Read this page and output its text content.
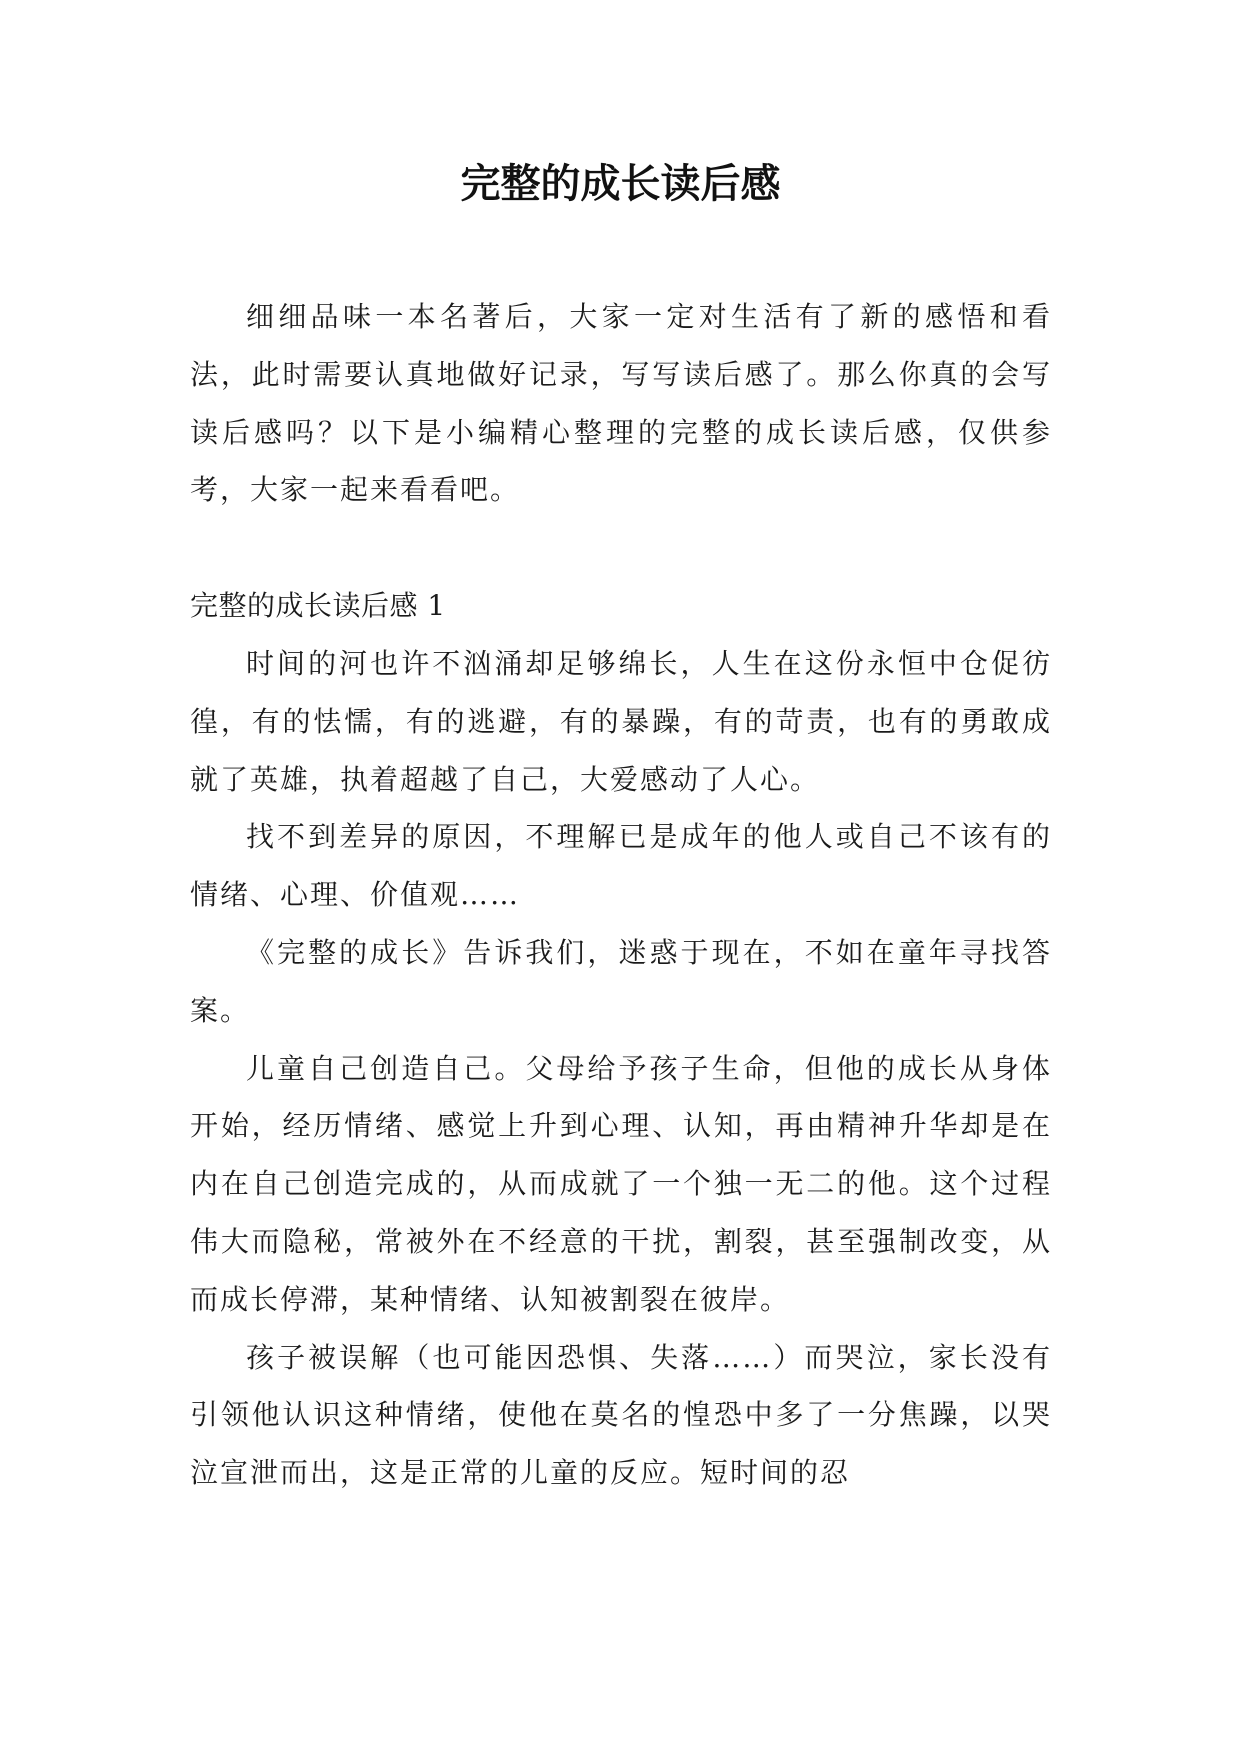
完整的成长读后感

细细品味一本名著后，大家一定对生活有了新的感悟和看法，此时需要认真地做好记录，写写读后感了。那么你真的会写读后感吗？以下是小编精心整理的完整的成长读后感，仅供参考，大家一起来看看吧。

完整的成长读后感 1

时间的河也许不汹涌却足够绵长，人生在这份永恒中仓促彷徨，有的怯懦，有的逃避，有的暴躁，有的苛责，也有的勇敢成就了英雄，执着超越了自己，大爱感动了人心。

找不到差异的原因，不理解已是成年的他人或自己不该有的情绪、心理、价值观……

《完整的成长》告诉我们，迷惑于现在，不如在童年寻找答案。

儿童自己创造自己。父母给予孩子生命，但他的成长从身体开始，经历情绪、感觉上升到心理、认知，再由精神升华却是在内在自己创造完成的，从而成就了一个独一无二的他。这个过程伟大而隐秘，常被外在不经意的干扰，割裂，甚至强制改变，从而成长停滞，某种情绪、认知被割裂在彼岸。

孩子被误解（也可能因恐惧、失落……）而哭泣，家长没有引领他认识这种情绪，使他在莫名的惶恐中多了一分焦躁，以哭泣宣泄而出，这是正常的儿童的反应。短时间的忍
